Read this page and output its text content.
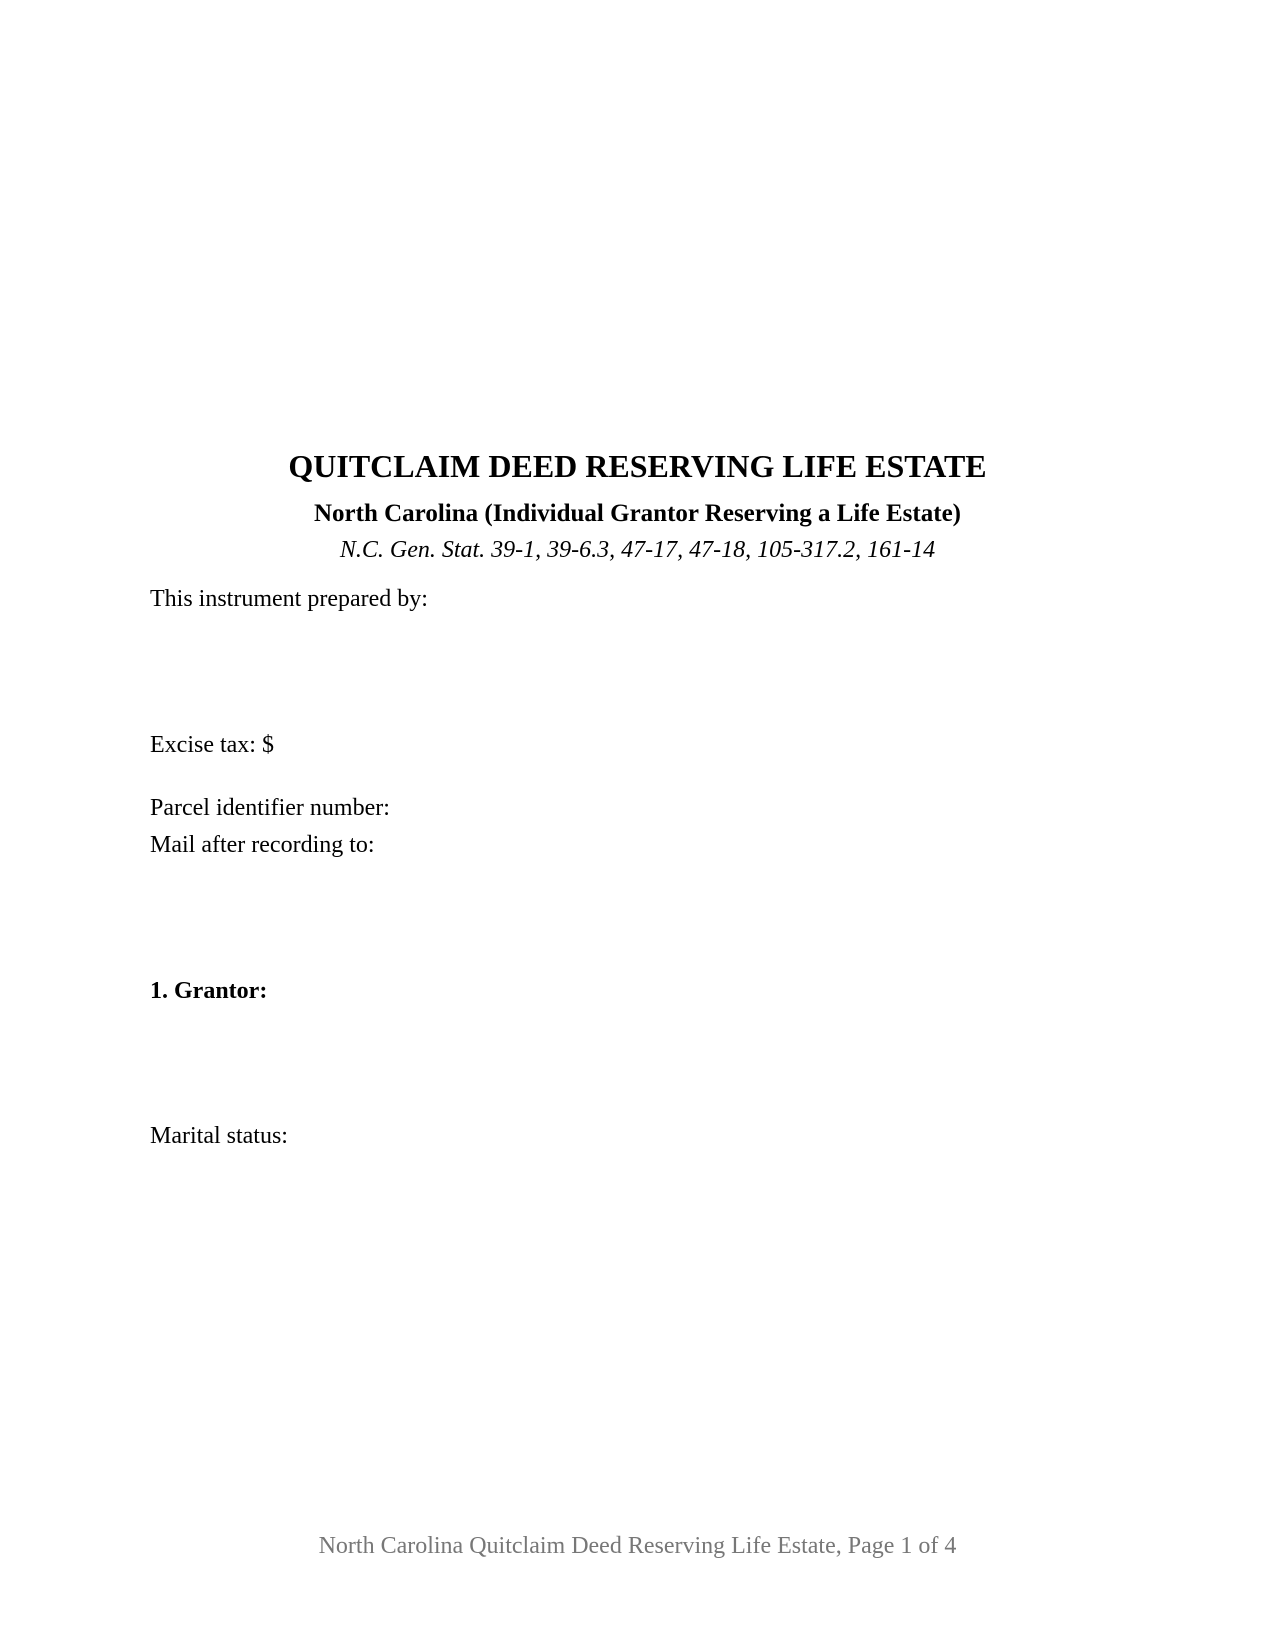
QUITCLAIM DEED RESERVING LIFE ESTATE
North Carolina (Individual Grantor Reserving a Life Estate)
N.C. Gen. Stat. 39-1, 39-6.3, 47-17, 47-18, 105-317.2, 161-14
This instrument prepared by:
Excise tax: $
Parcel identifier number:
Mail after recording to:
1. Grantor:
Marital status:
North Carolina Quitclaim Deed Reserving Life Estate, Page 1 of 4
